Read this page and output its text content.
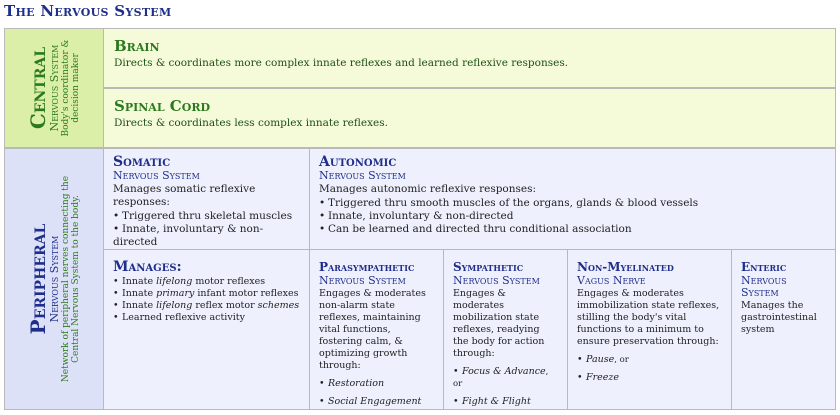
The Nervous System
Central
Nervous System Body's coordinator & decision maker
Brain

Directs & coordinates more complex innate reflexes and learned reflexive responses.

Spinal Cord

Directs & coordinates less complex innate reflexes.

Peripheral
Nervous System Network of peripheral nerves connecting the Central Nervous System to the body.
Somatic
Nervous System
Manages somatic reflexive responses:
• Triggered thru skeletal muscles
• Innate, involuntary & non-directed
Autonomic
Nervous System
Manages autonomic reflexive responses:
• Triggered thru smooth muscles of the organs, glands & blood vessels
• Innate, involuntary & non-directed
• Can be learned and directed thru conditional association
Manages:
• Innate lifelong motor reflexes
• Innate primary infant motor reflexes
• Innate lifelong reflex motor schemes
• Learned reflexive activity
Parasympathetic
Nervous System
Engages & moderates non-alarm state reflexes, maintaining vital functions, fostering calm, & optimizing growth through:
• Restoration
• Social Engagement
Sympathetic
Nervous System
Engages & moderates mobilization state reflexes, readying the body for action through:
• Focus & Advance, or
• Fight & Flight
Non-Myelinated
Vagus Nerve
Engages & moderates immobilization state reflexes, stilling the body's vital functions to a minimum to ensure preservation through:
• Pause, or
• Freeze
Enteric
Nervous
System
Manages the gastrointestinal system
